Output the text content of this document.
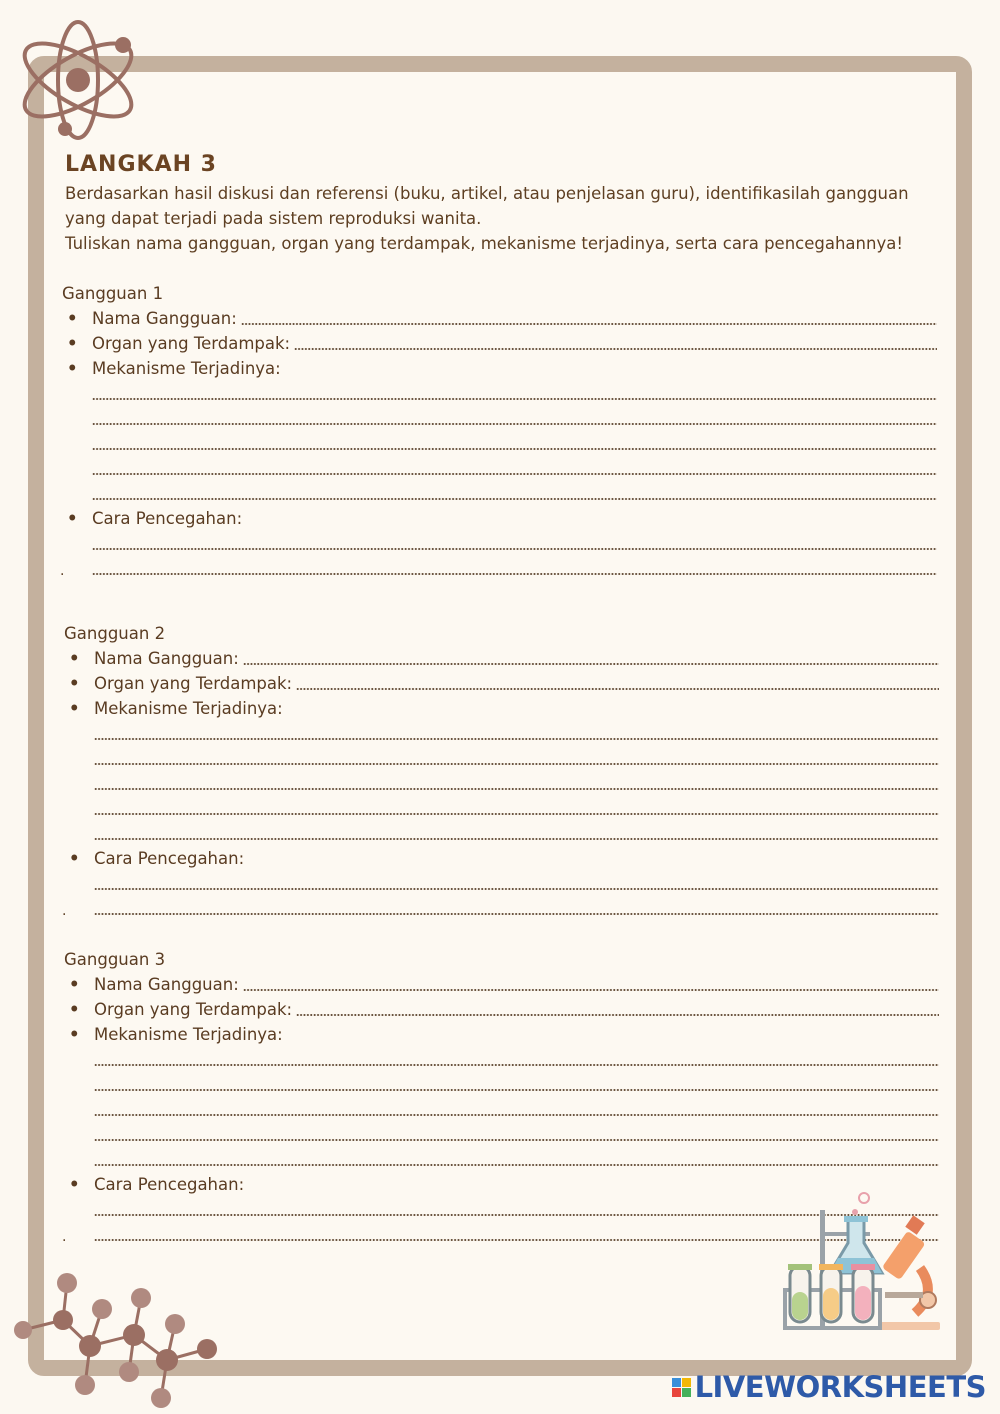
LANGKAH 3

Berdasarkan hasil diskusi dan referensi (buku, artikel, atau penjelasan guru), identifikasilah gangguan yang dapat terjadi pada sistem reproduksi wanita.

Tuliskan nama gangguan, organ yang terdampak, mekanisme terjadinya, serta cara pencegahannya!

Gangguan 1
• Nama Gangguan:
• Organ yang Terdampak:
• Mekanisme Terjadinya:
• Cara Pencegahan:
.
Gangguan 2
• Nama Gangguan:
• Organ yang Terdampak:
• Mekanisme Terjadinya:
• Cara Pencegahan:
.
Gangguan 3
• Nama Gangguan:
• Organ yang Terdampak:
• Mekanisme Terjadinya:
• Cara Pencegahan:
.
LIVEWORKSHEETS
